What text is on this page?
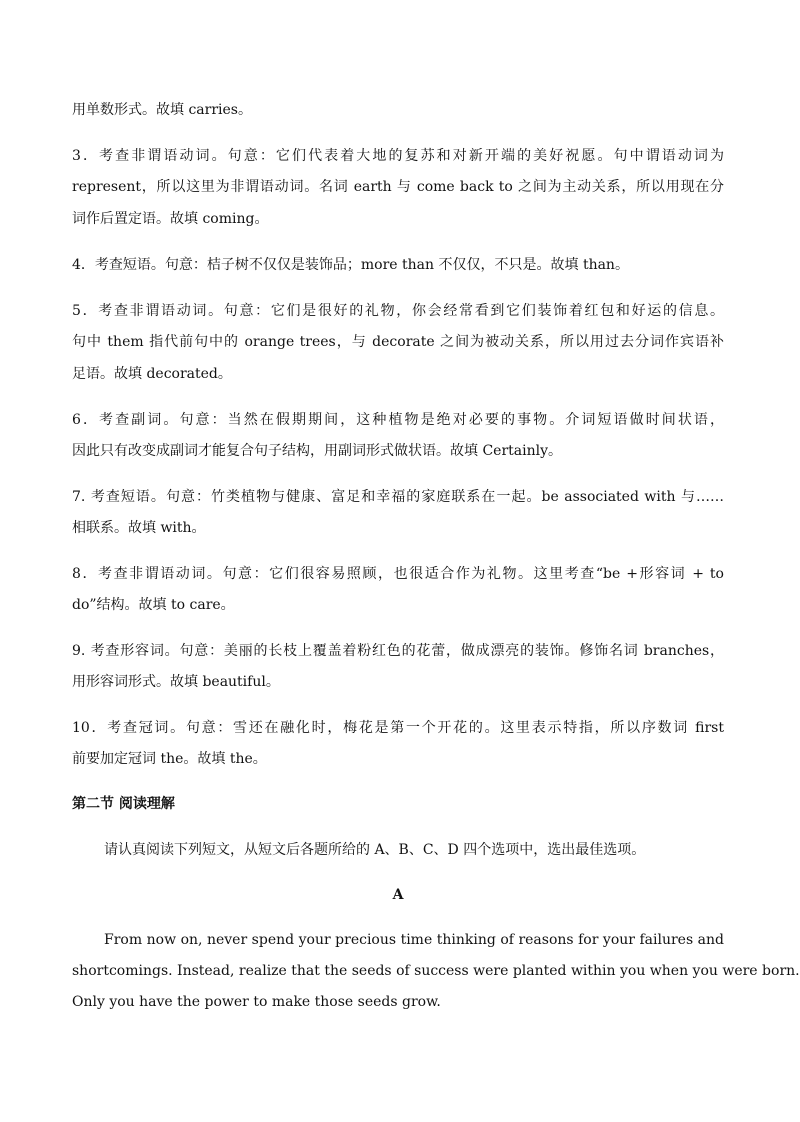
用单数形式。故填 carries。
3．考查非谓语动词。句意：它们代表着大地的复苏和对新开端的美好祝愿。句中谓语动词为
represent，所以这里为非谓语动词。名词 earth 与 come back to 之间为主动关系，所以用现在分
词作后置定语。故填 coming。
4．考查短语。句意：桔子树不仅仅是装饰品；more than 不仅仅，不只是。故填 than。
5．考查非谓语动词。句意：它们是很好的礼物，你会经常看到它们装饰着红包和好运的信息。
句中 them 指代前句中的 orange trees，与 decorate 之间为被动关系，所以用过去分词作宾语补
足语。故填 decorated。
6．考查副词。句意：当然在假期期间，这种植物是绝对必要的事物。介词短语做时间状语，
因此只有改变成副词才能复合句子结构，用副词形式做状语。故填 Certainly。
7. 考查短语。句意：竹类植物与健康、富足和幸福的家庭联系在一起。be associated with 与……
相联系。故填 with。
8．考查非谓语动词。句意：它们很容易照顾，也很适合作为礼物。这里考查“be +形容词 + to
do”结构。故填 to care。
9. 考查形容词。句意：美丽的长枝上覆盖着粉红色的花蕾，做成漂亮的装饰。修饰名词 branches，
用形容词形式。故填 beautiful。
10．考查冠词。句意：雪还在融化时，梅花是第一个开花的。这里表示特指，所以序数词 first
前要加定冠词 the。故填 the。
第二节 阅读理解
请认真阅读下列短文，从短文后各题所给的 A、B、C、D 四个选项中，选出最佳选项。
A
From now on, never spend your precious time thinking of reasons for your failures and
shortcomings. Instead, realize that the seeds of success were planted within you when you were born.
Only you have the power to make those seeds grow.
